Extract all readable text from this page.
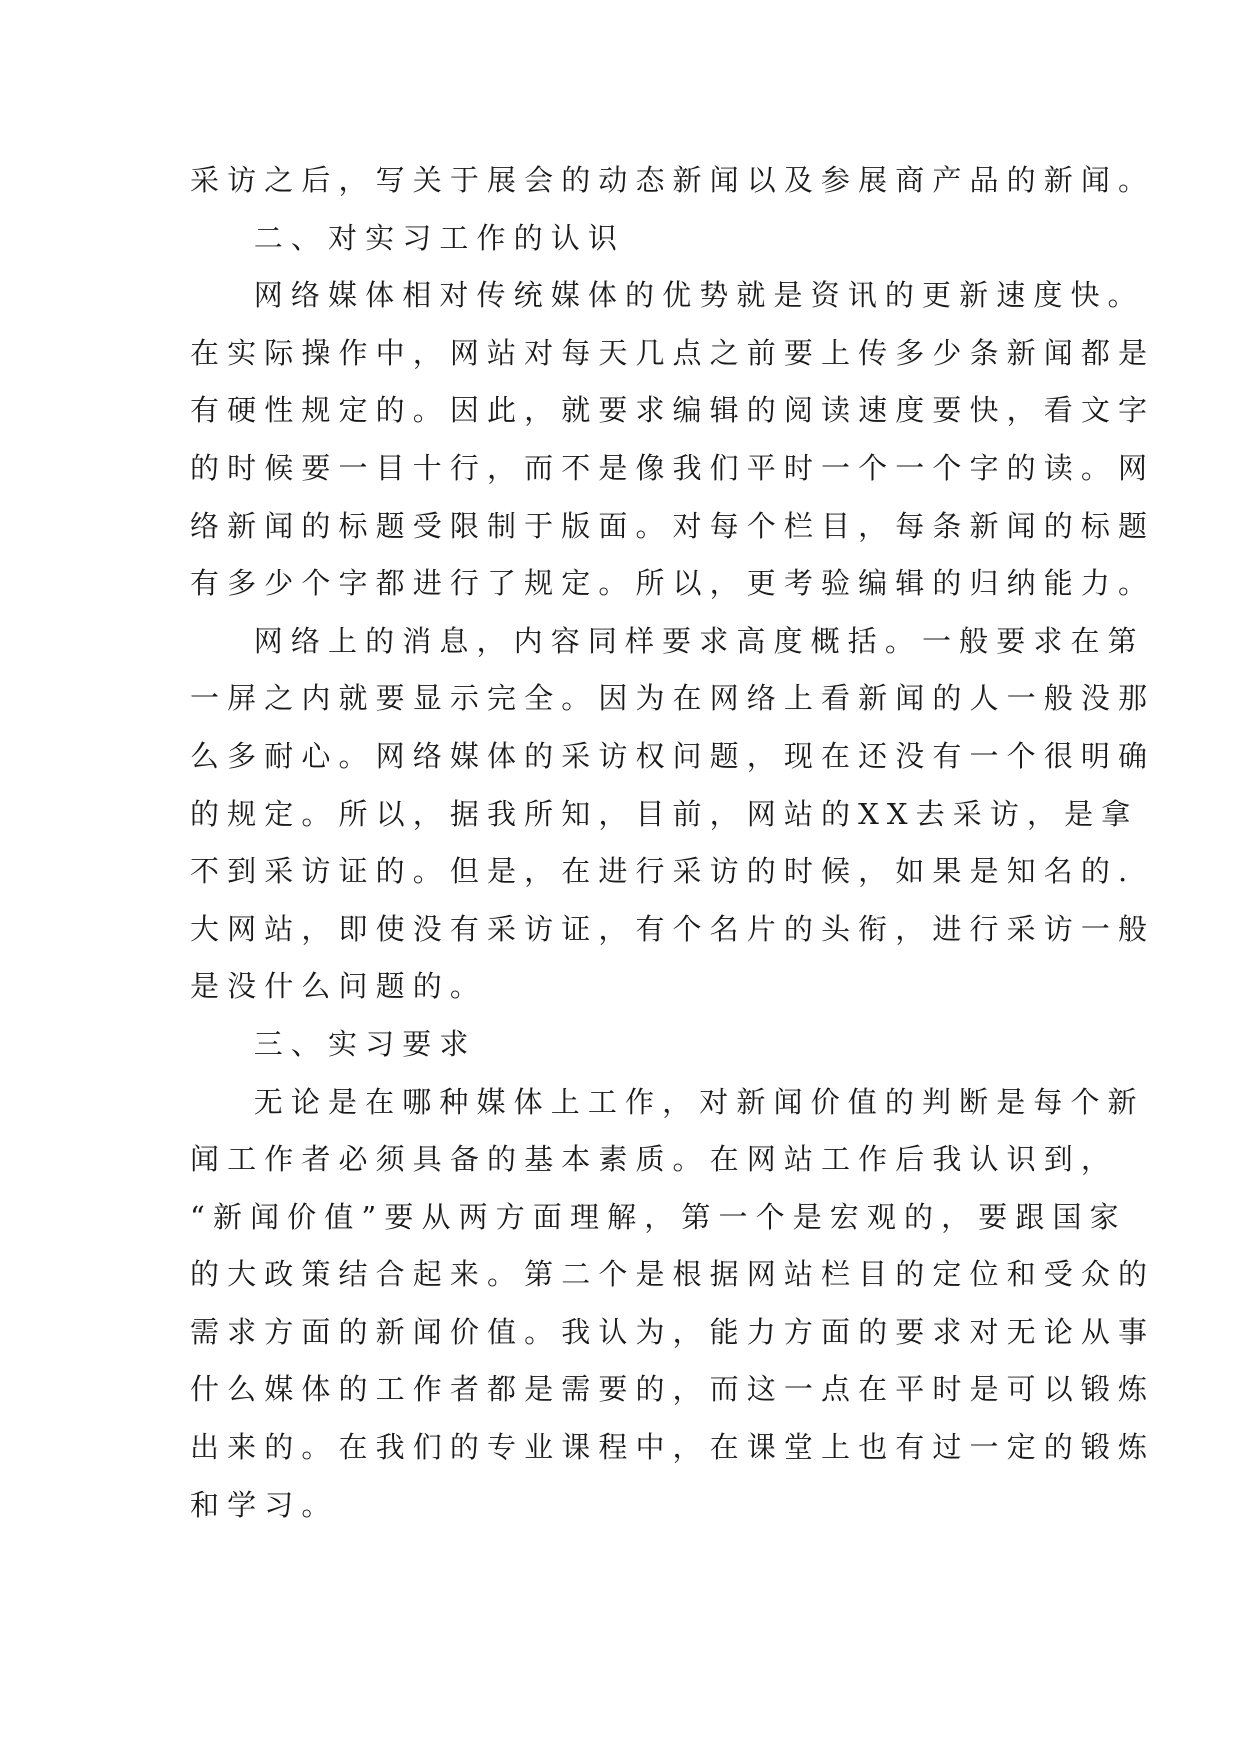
采访之后，写关于展会的动态新闻以及参展商产品的新闻。
二、对实习工作的认识
网络媒体相对传统媒体的优势就是资讯的更新速度快。
在实际操作中，网站对每天几点之前要上传多少条新闻都是
有硬性规定的。因此，就要求编辑的阅读速度要快，看文字
的时候要一目十行，而不是像我们平时一个一个字的读。网
络新闻的标题受限制于版面。对每个栏目，每条新闻的标题
有多少个字都进行了规定。所以，更考验编辑的归纳能力。
网络上的消息，内容同样要求高度概括。一般要求在第
一屏之内就要显示完全。因为在网络上看新闻的人一般没那
么多耐心。网络媒体的采访权问题，现在还没有一个很明确
的规定。所以，据我所知，目前，网站的XX去采访，是拿
不到采访证的。但是，在进行采访的时候，如果是知名的.
大网站，即使没有采访证，有个名片的头衔，进行采访一般
是没什么问题的。
三、实习要求
无论是在哪种媒体上工作，对新闻价值的判断是每个新
闻工作者必须具备的基本素质。在网站工作后我认识到，
“新闻价值”要从两方面理解，第一个是宏观的，要跟国家
的大政策结合起来。第二个是根据网站栏目的定位和受众的
需求方面的新闻价值。我认为，能力方面的要求对无论从事
什么媒体的工作者都是需要的，而这一点在平时是可以锻炼
出来的。在我们的专业课程中，在课堂上也有过一定的锻炼
和学习。
